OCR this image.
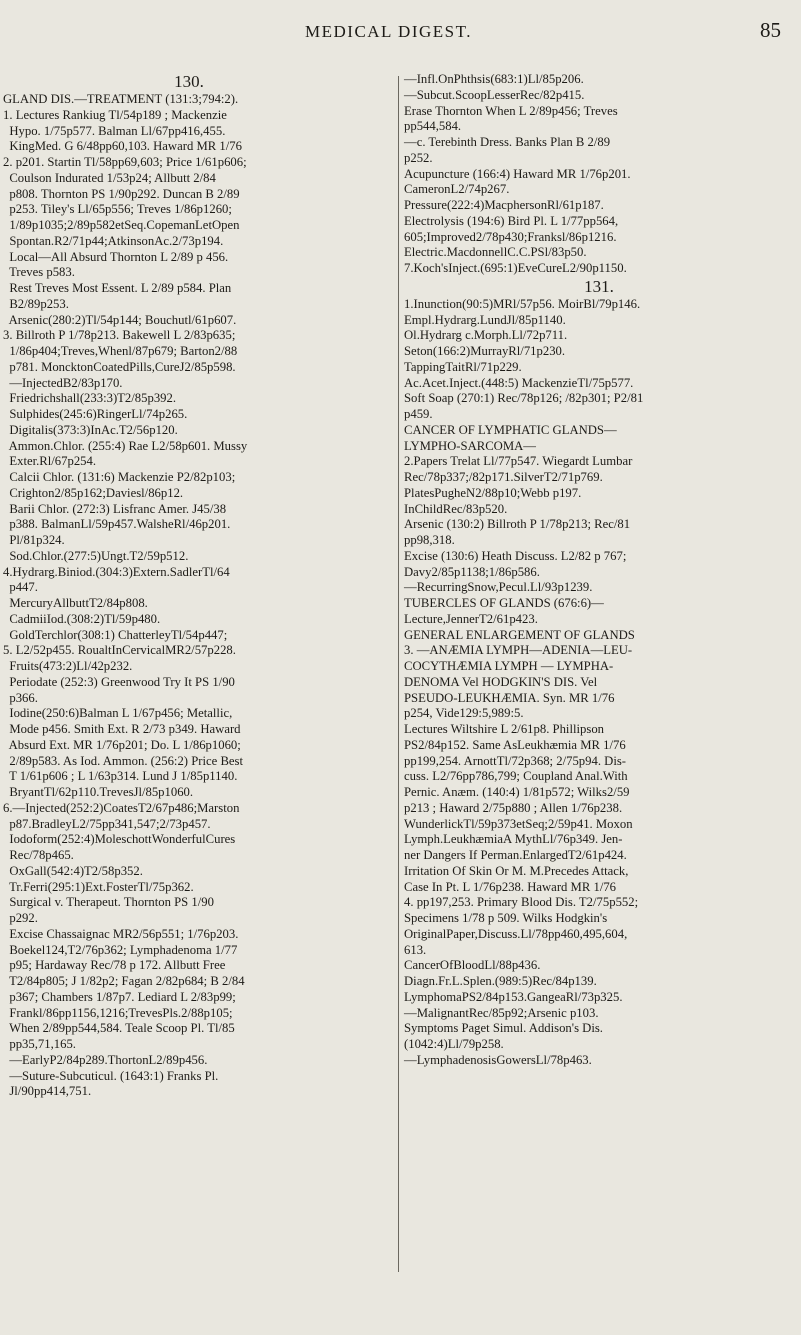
MEDICAL DIGEST.	85
130.
GLAND DIS.—TREATMENT (131:3;794:2).
1. Lectures Rankiug Tl/54p189 ; Mackenzie
Hypo. 1/75p577. Balman Ll/67pp416,455.
KingMed. G 6/48pp60,103. Haward MR 1/76
2. p201. Startin Tl/58pp69,603; Price 1/61p606;
Coulson Indurated 1/53p24; Allbutt 2/84
p808. Thornton PS 1/90p292. Duncan B 2/89
p253. Tiley's Ll/65p556; Treves 1/86p1260;
1/89p1035;2/89p582etSeq.CopemanLetOpen
Spontan.R2/71p44;AtkinsonAc.2/73p194.
Local—All Absurd Thornton L 2/89 p 456.
Treves p583.
Rest Treves Most Essent. L 2/89 p584. Plan
B2/89p253.
Arsenic(280:2)Tl/54p144; Bouchutl/61p607.
3. Billroth P 1/78p213. Bakewell L 2/83p635;
1/86p404;Treves,Whenl/87p679; Barton2/88
p781. MoncktonCoatedPills,CureJ2/85p598.
—InjectedB2/83p170.
Friedrichshall(233:3)T2/85p392.
Sulphides(245:6)RingerLl/74p265.
Digitalis(373:3)InAc.T2/56p120.
Ammon.Chlor. (255:4) Rae L2/58p601. Mussy
Exter.Rl/67p254.
Calcii Chlor. (131:6) Mackenzie P2/82p103;
Crighton2/85p162;Daviesl/86p12.
Barii Chlor. (272:3) Lisfranc Amer. J45/38
p388. BalmanLl/59p457.WalsheRl/46p201.
Pl/81p324.
Sod.Chlor.(277:5)Ungt.T2/59p512.
4.Hydrarg.Biniod.(304:3)Extern.SadlerTl/64
p447.
MercuryAllbuttT2/84p808.
CadmiiIod.(308:2)Tl/59p480.
GoldTerchlor(308:1) ChatterleyTl/54p447;
5. L2/52p455. RoualtInCervicalMR2/57p228.
Fruits(473:2)Ll/42p232.
Periodate (252:3) Greenwood Try It PS 1/90
p366.
Iodine(250:6)Balman L 1/67p456; Metallic,
Mode p456. Smith Ext. R 2/73 p349. Haward
Absurd Ext. MR 1/76p201; Do. L 1/86p1060;
2/89p583. As Iod. Ammon. (256:2) Price Best
T 1/61p606 ; L 1/63p314. Lund J 1/85p1140.
BryantTl/62p110.TrevesJl/85p1060.
6.—Injected(252:2)CoatesT2/67p486;Marston
p87.BradleyL2/75pp341,547;2/73p457.
Iodoform(252:4)MoleschottWonderfulCures
Rec/78p465.
OxGall(542:4)T2/58p352.
Tr.Ferri(295:1)Ext.FosterTl/75p362.
Surgical v. Therapeut. Thornton PS 1/90
p292.
Excise Chassaignac MR2/56p551; 1/76p203.
Boekel124,T2/76p362; Lymphadenoma 1/77
p95; Hardaway Rec/78 p 172. Allbutt Free
T2/84p805; J 1/82p2; Fagan 2/82p684; B 2/84
p367; Chambers 1/87p7. Lediard L 2/83p99;
Frankl/86pp1156,1216;TrevesPls.2/88p105;
When 2/89pp544,584. Teale Scoop Pl. Tl/85
pp35,71,165.
—EarlyP2/84p289.ThortonL2/89p456.
—Suture-Subcuticul. (1643:1) Franks Pl.
Jl/90pp414,751.
—Infl.OnPhthsis(683:1)Ll/85p206.
—Subcut.ScoopLesserRec/82p415.
Erase Thornton When L 2/89p456; Treves
pp544,584.
—c. Terebinth Dress. Banks Plan B 2/89
p252.
Acupuncture (166:4) Haward MR 1/76p201.
CameronL2/74p267.
Pressure(222:4)MacphersonRl/61p187.
Electrolysis (194:6) Bird Pl. L 1/77pp564,
605;Improved2/78p430;Franksl/86p1216.
Electric.MacdonnellC.C.PSl/83p50.
7.Koch'sInject.(695:1)EveCureL2/90p1150.
131.
1.Inunction(90:5)MRl/57p56. MoirBl/79p146.
Empl.Hydrarg.LundJl/85p1140.
Ol.Hydrarg c.Morph.Ll/72p711.
Seton(166:2)MurrayRl/71p230.
TappingTaitRl/71p229.
Ac.Acet.Inject.(448:5) MackenzieTl/75p577.
Soft Soap (270:1) Rec/78p126; /82p301; P2/81
p459.
CANCER OF LYMPHATIC GLANDS—
LYMPHO-SARCOMA—
2.Papers Trelat Ll/77p547. Wiegardt Lumbar
Rec/78p337;/82p171.SilverT2/71p769.
PlatesPugheN2/88p10;Webb p197.
InChildRec/83p520.
Arsenic (130:2) Billroth P 1/78p213; Rec/81
pp98,318.
Excise (130:6) Heath Discuss. L2/82 p 767;
Davy2/85p1138;1/86p586.
—RecurringSnow,Pecul.Ll/93p1239.
TUBERCLES OF GLANDS (676:6)—
Lecture,JennerT2/61p423.
GENERAL ENLARGEMENT OF GLANDS
3. —ANÆMIA LYMPH—ADENIA—LEU-
COCYTHÆMIA LYMPH — LYMPHA-
DENOMA Vel HODGKIN'S DIS. Vel
PSEUDO-LEUKHÆMIA. Syn. MR 1/76
p254, Vide129:5,989:5.
Lectures Wiltshire L 2/61p8. Phillipson
PS2/84p152. Same AsLeukhæmia MR 1/76
pp199,254. ArnottTl/72p368; 2/75p94. Dis-
cuss. L2/76pp786,799; Coupland Anal.With
Pernic. Anæm. (140:4) 1/81p572; Wilks2/59
p213 ; Haward 2/75p880 ; Allen 1/76p238.
WunderlickTl/59p373etSeq;2/59p41. Moxon
Lymph.LeukhæmiaA MythLl/76p349. Jen-
ner Dangers If Perman.EnlargedT2/61p424.
Irritation Of Skin Or M. M.Precedes Attack,
Case In Pt. L 1/76p238. Haward MR 1/76
4. pp197,253. Primary Blood Dis. T2/75p552;
Specimens 1/78 p 509. Wilks Hodgkin's
OriginalPaper,Discuss.Ll/78pp460,495,604,
613.
CancerOfBloodLl/88p436.
Diagn.Fr.L.Splen.(989:5)Rec/84p139.
LymphomaPS2/84p153.GangeaRl/73p325.
—MalignantRec/85p92;Arsenic p103.
Symptoms Paget Simul. Addison's Dis.
(1042:4)Ll/79p258.
—LymphadenosisGowersLl/78p463.
